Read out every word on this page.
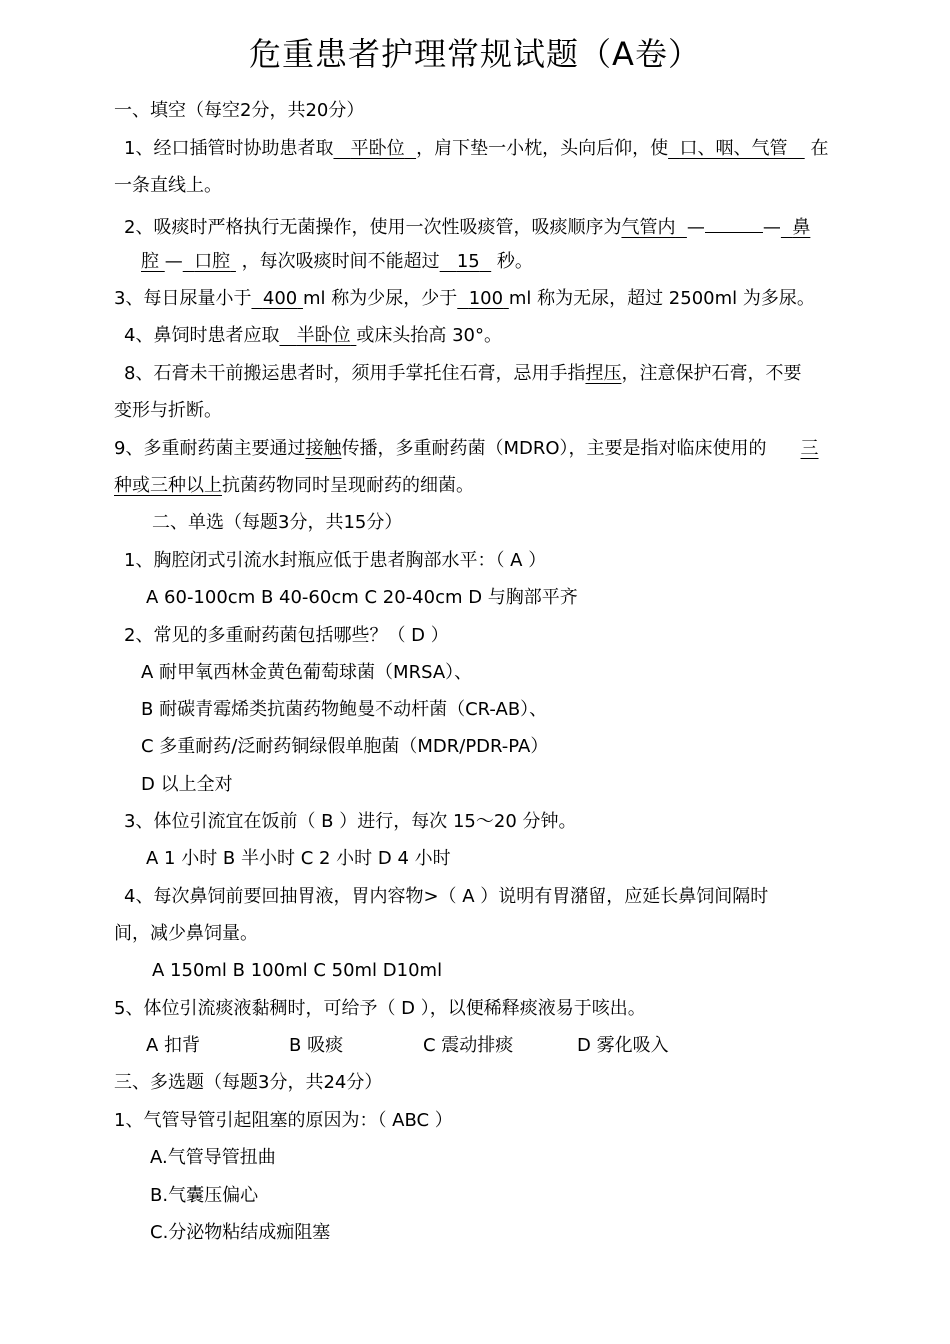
危重患者护理常规试题（A卷）
一、填空（每空2分，共20分）
1、经口插管时协助患者取 平卧位 ，肩下垫一小枕，头向后仰，使 口、咽、气管 在
一条直线上。
2、吸痰时严格执行无菌操作，使用一次性吸痰管，吸痰顺序为气管内 —	— 鼻
腔 — 口腔 ，每次吸痰时间不能超过 15 秒。
3、每日尿量小于 400 ml 称为少尿，少于 100 ml 称为无尿，超过 2500ml 为多尿。
4、鼻饲时患者应取 半卧位 或床头抬高 30°。
8、石膏未干前搬运患者时，须用手掌托住石膏，忌用手指捏压，注意保护石膏，不要
变形与折断。
9、多重耐药菌主要通过接触传播，多重耐药菌（MDRO），主要是指对临床使用的 三
种或三种以上抗菌药物同时呈现耐药的细菌。
二、单选（每题3分，共15分）
1、胸腔闭式引流水封瓶应低于患者胸部水平：（ A ）
A 60-100cm B 40-60cm C 20-40cm D 与胸部平齐
2、常见的多重耐药菌包括哪些？（ D ）
A 耐甲氧西林金黄色葡萄球菌（MRSA）、
B 耐碳青霉烯类抗菌药物鲍曼不动杆菌（CR-AB）、
C 多重耐药/泛耐药铜绿假单胞菌（MDR/PDR-PA）
D 以上全对
3、体位引流宜在饭前（ B ）进行，每次 15～20 分钟。
A 1 小时 B 半小时 C 2 小时 D 4 小时
4、每次鼻饲前要回抽胃液，胃内容物>（ A ）说明有胃潴留，应延长鼻饲间隔时
间，减少鼻饲量。
A 150ml B 100ml C 50ml D10ml
5、体位引流痰液黏稠时，可给予（ D ），以便稀释痰液易于咳出。
A 扣背	B 吸痰	C 震动排痰	D 雾化吸入
三、多选题（每题3分，共24分）
1、气管导管引起阻塞的原因为：（ ABC ）
A.气管导管扭曲
B.气囊压偏心
C.分泌物粘结成痂阻塞
